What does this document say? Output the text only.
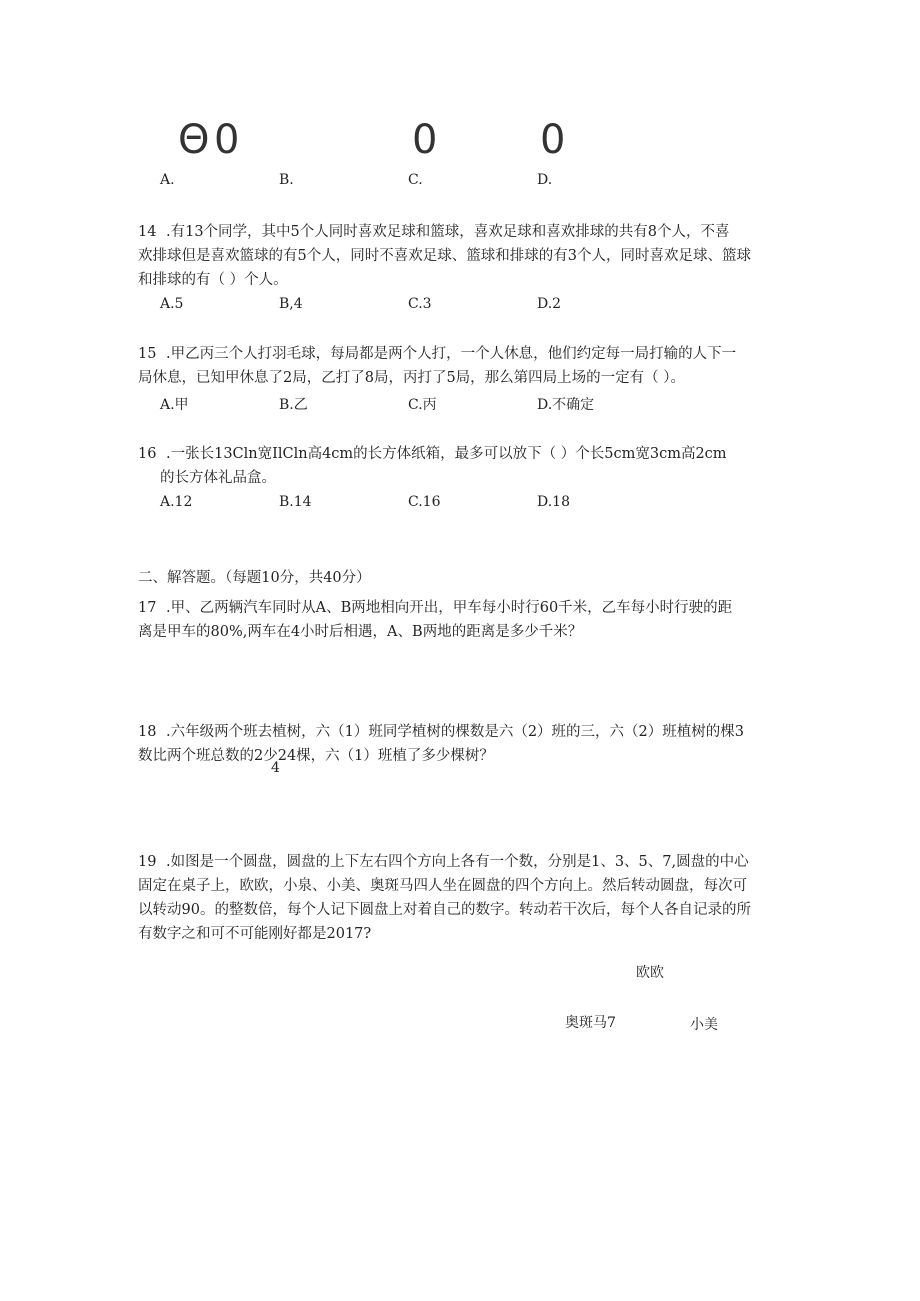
Θ 0	0	0
A.	B.	C.	D.
14 .有13个同学，其中5个人同时喜欢足球和篮球，喜欢足球和喜欢排球的共有8个人，不喜
欢排球但是喜欢篮球的有5个人，同时不喜欢足球、篮球和排球的有3个人，同时喜欢足球、篮球
和排球的有（ ）个人。
A.5	B,4	C.3	D.2
15 .甲乙丙三个人打羽毛球，每局都是两个人打，一个人休息，他们约定每一局打输的人下一
局休息，已知甲休息了2局，乙打了8局，丙打了5局，那么第四局上场的一定有（ ）。
A.甲	B.乙	C.丙	D.不确定
16 .一张长13Cln宽IlCln高4cm的长方体纸箱，最多可以放下（ ）个长5cm宽3cm高2cm
的长方体礼品盒。
A.12	B.14	C.16	D.18
二、解答题。（每题10分，共40分）
17 .甲、乙两辆汽车同时从A、B两地相向开出，甲车每小时行60千米，乙车每小时行驶的距
离是甲车的80%,两车在4小时后相遇，A、B两地的距离是多少千米？
18 .六年级两个班去植树，六（1）班同学植树的棵数是六（2）班的三，六（2）班植树的棵3
数比两个班总数的2少24棵，六（1）班植了多少棵树？
4
19 .如图是一个圆盘，圆盘的上下左右四个方向上各有一个数，分别是1、3、5、7,圆盘的中心
固定在桌子上，欧欧，小泉、小美、奥斑马四人坐在圆盘的四个方向上。然后转动圆盘，每次可
以转动90。的整数倍，每个人记下圆盘上对着自己的数字。转动若干次后，每个人各自记录的所
有数字之和可不可能刚好都是2017?
欧欧
奥斑马7	小美
